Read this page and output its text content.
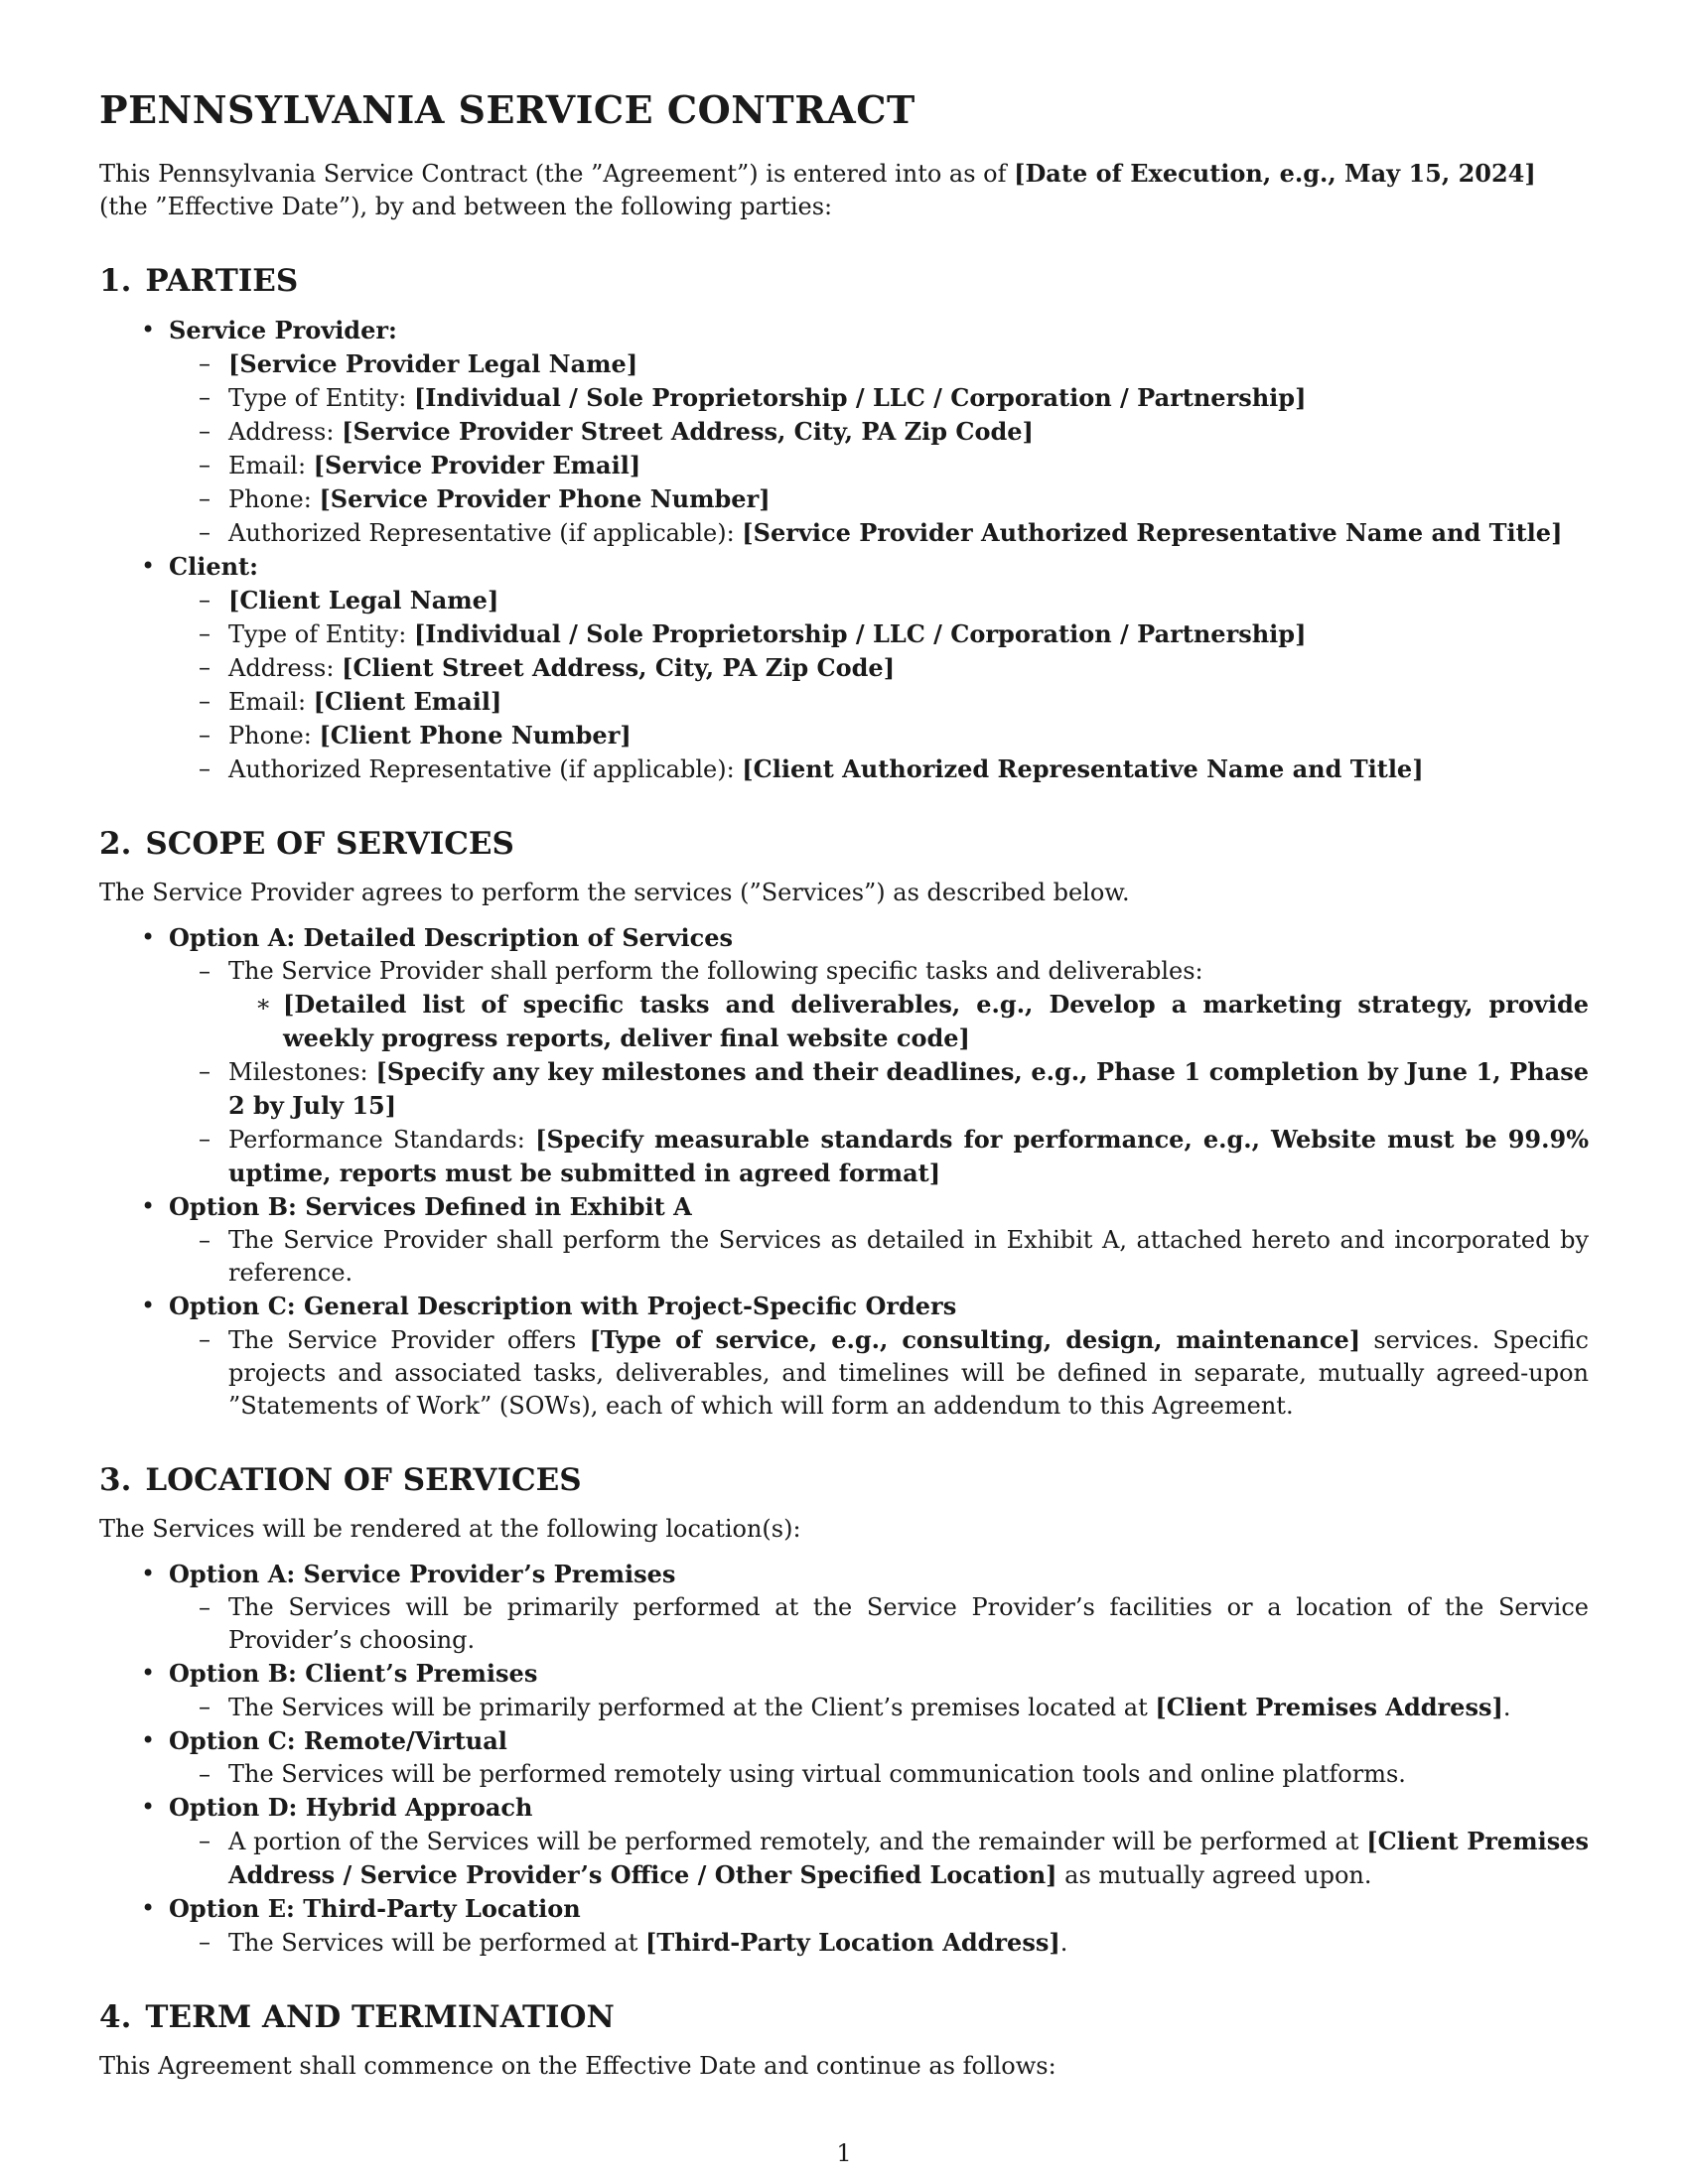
PENNSYLVANIA SERVICE CONTRACT

This Pennsylvania Service Contract (the ”Agreement”) is entered into as of [Date of Execution, e.g., May 15, 2024] (the ”Effective Date”), by and between the following parties:

1. PARTIES
• Service Provider:
– [Service Provider Legal Name]
– Type of Entity: [Individual / Sole Proprietorship / LLC / Corporation / Partnership]
– Address: [Service Provider Street Address, City, PA Zip Code]
– Email: [Service Provider Email]
– Phone: [Service Provider Phone Number]
– Authorized Representative (if applicable): [Service Provider Authorized Representative Name and Title]
• Client:
– [Client Legal Name]
– Type of Entity: [Individual / Sole Proprietorship / LLC / Corporation / Partnership]
– Address: [Client Street Address, City, PA Zip Code]
– Email: [Client Email]
– Phone: [Client Phone Number]
– Authorized Representative (if applicable): [Client Authorized Representative Name and Title]
2. SCOPE OF SERVICES

The Service Provider agrees to perform the services (”Services”) as described below.

• Option A: Detailed Description of Services
– The Service Provider shall perform the following specific tasks and deliverables:
∗ [Detailed list of specific tasks and deliverables, e.g., Develop a marketing strategy, provide weekly progress reports, deliver final website code]
– Milestones: [Specify any key milestones and their deadlines, e.g., Phase 1 completion by June 1, Phase 2 by July 15]
– Performance Standards: [Specify measurable standards for performance, e.g., Website must be 99.9% uptime, reports must be submitted in agreed format]
• Option B: Services Defined in Exhibit A
– The Service Provider shall perform the Services as detailed in Exhibit A, attached hereto and incorporated by reference.
• Option C: General Description with Project-Specific Orders
– The Service Provider offers [Type of service, e.g., consulting, design, maintenance] services. Specific projects and associated tasks, deliverables, and timelines will be defined in separate, mutually agreed-upon ”Statements of Work” (SOWs), each of which will form an addendum to this Agreement.
3. LOCATION OF SERVICES

The Services will be rendered at the following location(s):

• Option A: Service Provider’s Premises
– The Services will be primarily performed at the Service Provider’s facilities or a location of the Service Provider’s choosing.
• Option B: Client’s Premises
– The Services will be primarily performed at the Client’s premises located at [Client Premises Address].
• Option C: Remote/Virtual
– The Services will be performed remotely using virtual communication tools and online platforms.
• Option D: Hybrid Approach
– A portion of the Services will be performed remotely, and the remainder will be performed at [Client Premises Address / Service Provider’s Office / Other Specified Location] as mutually agreed upon.
• Option E: Third-Party Location
– The Services will be performed at [Third-Party Location Address].
4. TERM AND TERMINATION

This Agreement shall commence on the Effective Date and continue as follows:

1
